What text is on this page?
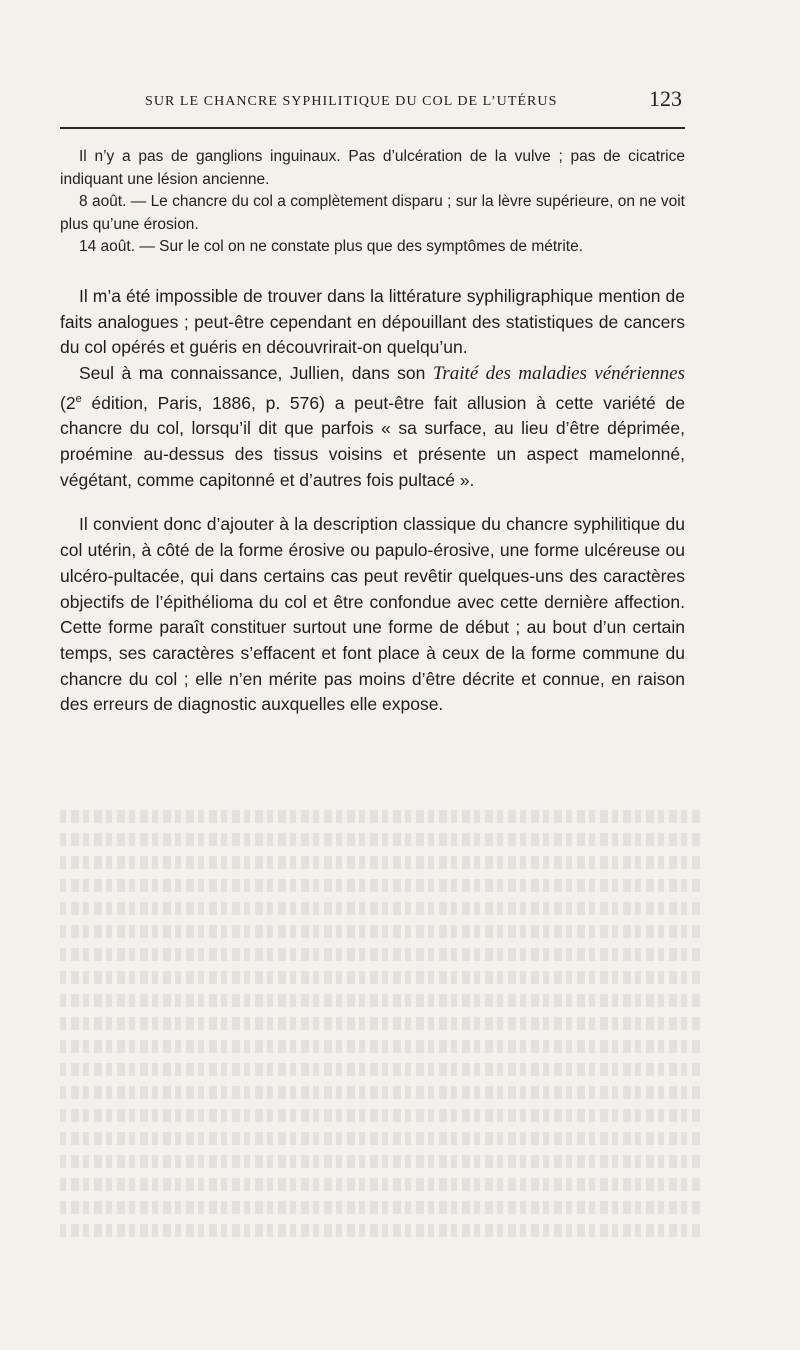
SUR LE CHANCRE SYPHILITIQUE DU COL DE L’UTÉRUS	123

Il n’y a pas de ganglions inguinaux. Pas d’ulcération de la vulve ; pas de cicatrice indiquant une lésion ancienne.

8 août. — Le chancre du col a complètement disparu ; sur la lèvre supérieure, on ne voit plus qu’une érosion.

14 août. — Sur le col on ne constate plus que des symptômes de métrite.

Il m’a été impossible de trouver dans la littérature syphiligraphique mention de faits analogues ; peut-être cependant en dépouillant des statistiques de cancers du col opérés et guéris en découvrirait-on quelqu’un.

Seul à ma connaissance, Jullien, dans son Traité des maladies vénériennes (2e édition, Paris, 1886, p. 576) a peut-être fait allusion à cette variété de chancre du col, lorsqu’il dit que parfois « sa surface, au lieu d’être déprimée, proémine au-dessus des tissus voisins et présente un aspect mamelonné, végétant, comme capitonné et d’autres fois pultacé ».

Il convient donc d’ajouter à la description classique du chancre syphilitique du col utérin, à côté de la forme érosive ou papulo-érosive, une forme ulcéreuse ou ulcéro-pultacée, qui dans certains cas peut revêtir quelques-uns des caractères objectifs de l’épithélioma du col et être confondue avec cette dernière affection. Cette forme paraît constituer surtout une forme de début ; au bout d’un certain temps, ses caractères s’effacent et font place à ceux de la forme commune du chancre du col ; elle n’en mérite pas moins d’être décrite et connue, en raison des erreurs de diagnostic auxquelles elle expose.
